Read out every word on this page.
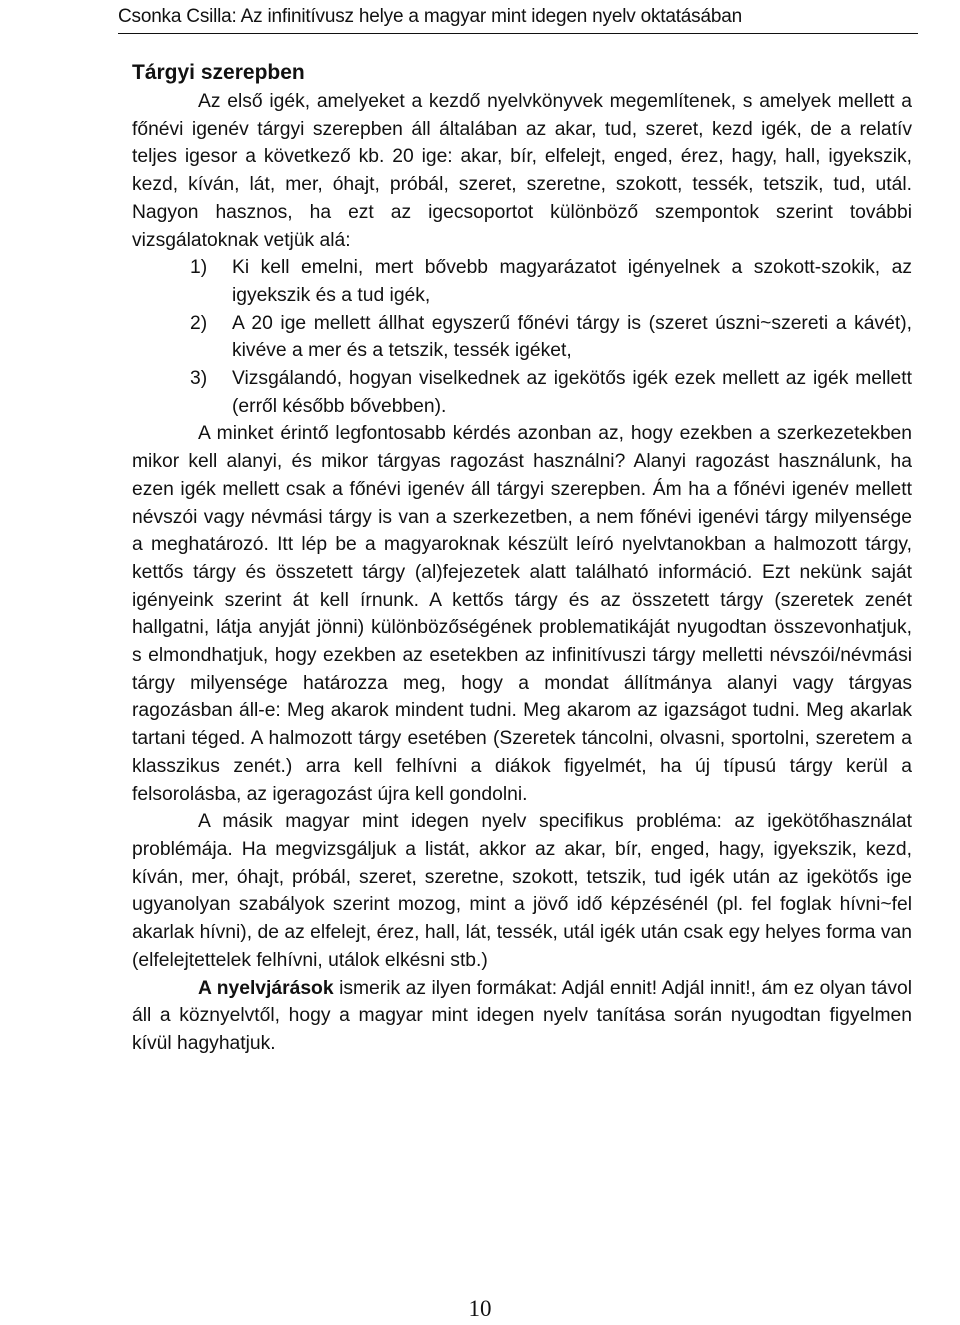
Csonka Csilla: Az infinitívusz helye a magyar mint idegen nyelv oktatásában
Tárgyi szerepben

Az első igék, amelyeket a kezdő nyelvkönyvek megemlítenek, s amelyek mellett a főnévi igenév tárgyi szerepben áll általában az akar, tud, szeret, kezd igék, de a relatív teljes igesor a következő kb. 20 ige: akar, bír, elfelejt, enged, érez, hagy, hall, igyekszik, kezd, kíván, lát, mer, óhajt, próbál, szeret, szeretne, szokott, tessék, tetszik, tud, utál. Nagyon hasznos, ha ezt az igecsoportot különböző szempontok szerint további vizsgálatoknak vetjük alá:

1) Ki kell emelni, mert bővebb magyarázatot igényelnek a szokott-szokik, az igyekszik és a tud igék,

2) A 20 ige mellett állhat egyszerű főnévi tárgy is (szeret úszni~szereti a kávét), kivéve a mer és a tetszik, tessék igéket,

3) Vizsgálandó, hogyan viselkednek az igekötős igék ezek mellett az igék mellett (erről később bővebben).

A minket érintő legfontosabb kérdés azonban az, hogy ezekben a szerkezetekben mikor kell alanyi, és mikor tárgyas ragozást használni? Alanyi ragozást használunk, ha ezen igék mellett csak a főnévi igenév áll tárgyi szerepben. Ám ha a főnévi igenév mellett névszói vagy névmási tárgy is van a szerkezetben, a nem főnévi igenévi tárgy milyensége a meghatározó. Itt lép be a magyaroknak készült leíró nyelvtanokban a halmozott tárgy, kettős tárgy és összetett tárgy (al)fejezetek alatt található információ. Ezt nekünk saját igényeink szerint át kell írnunk. A kettős tárgy és az összetett tárgy (szeretek zenét hallgatni, látja anyját jönni) különbözőségének problematikáját nyugodtan összevonhatjuk, s elmondhatjuk, hogy ezekben az esetekben az infinitívuszi tárgy melletti névszói/névmási tárgy milyensége határozza meg, hogy a mondat állítmánya alanyi vagy tárgyas ragozásban áll-e: Meg akarok mindent tudni. Meg akarom az igazságot tudni. Meg akarlak tartani téged. A halmozott tárgy esetében (Szeretek táncolni, olvasni, sportolni, szeretem a klasszikus zenét.) arra kell felhívni a diákok figyelmét, ha új típusú tárgy kerül a felsorolásba, az igeragozást újra kell gondolni.

A másik magyar mint idegen nyelv specifikus probléma: az igekötőhasználat problémája. Ha megvizsgáljuk a listát, akkor az akar, bír, enged, hagy, igyekszik, kezd, kíván, mer, óhajt, próbál, szeret, szeretne, szokott, tetszik, tud igék után az igekötős ige ugyanolyan szabályok szerint mozog, mint a jövő idő képzésénél (pl. fel foglak hívni~fel akarlak hívni), de az elfelejt, érez, hall, lát, tessék, utál igék után csak egy helyes forma van (elfelejtettelek felhívni, utálok elkésni stb.)

A nyelvjárások ismerik az ilyen formákat: Adjál ennit! Adjál innit!, ám ez olyan távol áll a köznyelvtől, hogy a magyar mint idegen nyelv tanítása során nyugodtan figyelmen kívül hagyhatjuk.

10
